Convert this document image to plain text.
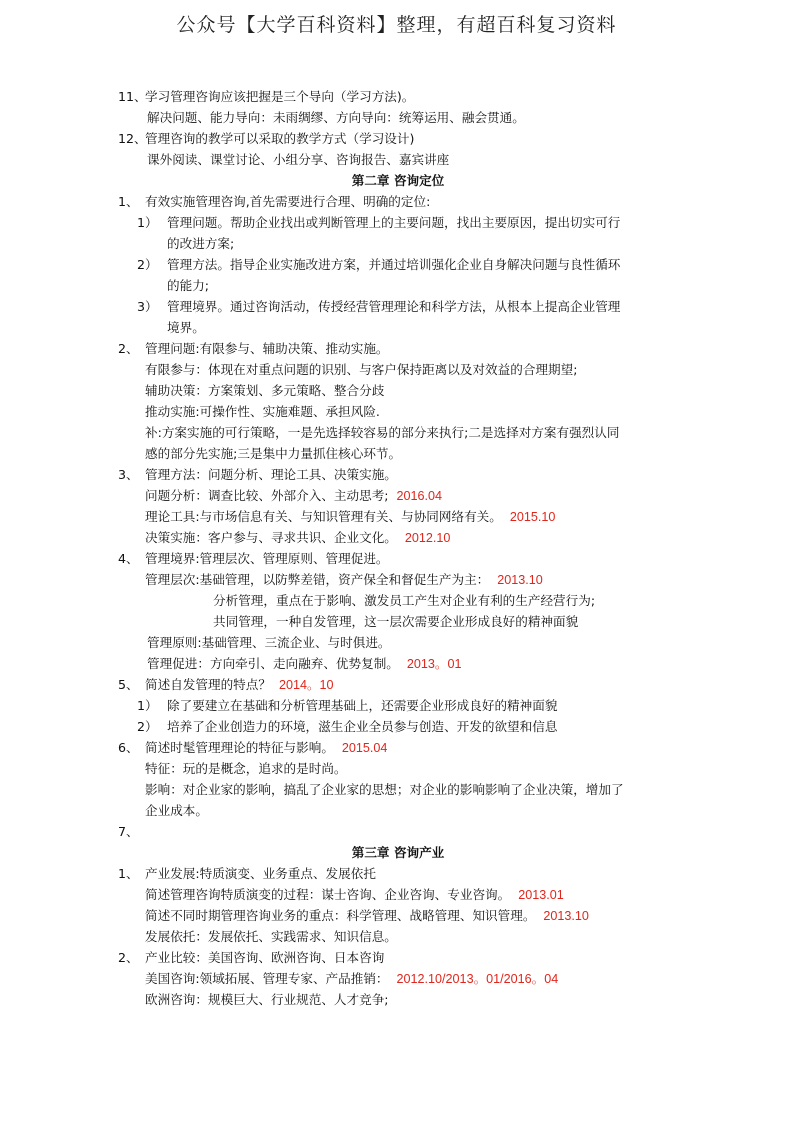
公众号【大学百科资料】整理，有超百科复习资料
11、学习管理咨询应该把握是三个导向（学习方法)。
解决问题、能力导向：未雨绸缪、方向导向：统筹运用、融会贯通。
12、管理咨询的教学可以采取的教学方式（学习设计)
课外阅读、课堂讨论、小组分享、咨询报告、嘉宾讲座
第二章 咨询定位
1、 有效实施管理咨询,首先需要进行合理、明确的定位:
1） 管理问题。帮助企业找出或判断管理上的主要问题，找出主要原因，提出切实可行
的改进方案;
2） 管理方法。指导企业实施改进方案，并通过培训强化企业自身解决问题与良性循环
的能力;
3） 管理境界。通过咨询活动，传授经营管理理论和科学方法，从根本上提高企业管理
境界。
2、 管理问题:有限参与、辅助决策、推动实施。
有限参与：体现在对重点问题的识别、与客户保持距离以及对效益的合理期望;
辅助决策：方案策划、多元策略、整合分歧
推动实施:可操作性、实施难题、承担风险.
补:方案实施的可行策略，一是先选择较容易的部分来执行;二是选择对方案有强烈认同
感的部分先实施;三是集中力量抓住核心环节。
3、 管理方法：问题分析、理论工具、决策实施。
问题分析：调查比较、外部介入、主动思考; 2016.04
理论工具:与市场信息有关、与知识管理有关、与协同网络有关。 2015.10
决策实施：客户参与、寻求共识、企业文化。 2012.10
4、 管理境界:管理层次、管理原则、管理促进。
管理层次:基础管理，以防弊差错，资产保全和督促生产为主： 2013.10
分析管理，重点在于影响、激发员工产生对企业有利的生产经营行为;
共同管理，一种自发管理，这一层次需要企业形成良好的精神面貌
管理原则:基础管理、三流企业、与时俱进。
管理促进：方向牵引、走向融弃、优势复制。 2013。01
5、 简述自发管理的特点？ 2014。10
1） 除了要建立在基础和分析管理基础上，还需要企业形成良好的精神面貌
2） 培养了企业创造力的环境，滋生企业全员参与创造、开发的欲望和信息
6、 简述时髦管理理论的特征与影响。 2015.04
特征：玩的是概念，追求的是时尚。
影响：对企业家的影响，搞乱了企业家的思想；对企业的影响影响了企业决策，增加了
企业成本。
7、
第三章 咨询产业
1、 产业发展:特质演变、业务重点、发展依托
简述管理咨询特质演变的过程：谋士咨询、企业咨询、专业咨询。 2013.01
简述不同时期管理咨询业务的重点：科学管理、战略管理、知识管理。 2013.10
发展依托：发展依托、实践需求、知识信息。
2、 产业比较：美国咨询、欧洲咨询、日本咨询
美国咨询:领域拓展、管理专家、产品推销： 2012.10/2013。01/2016。04
欧洲咨询：规模巨大、行业规范、人才竞争;
